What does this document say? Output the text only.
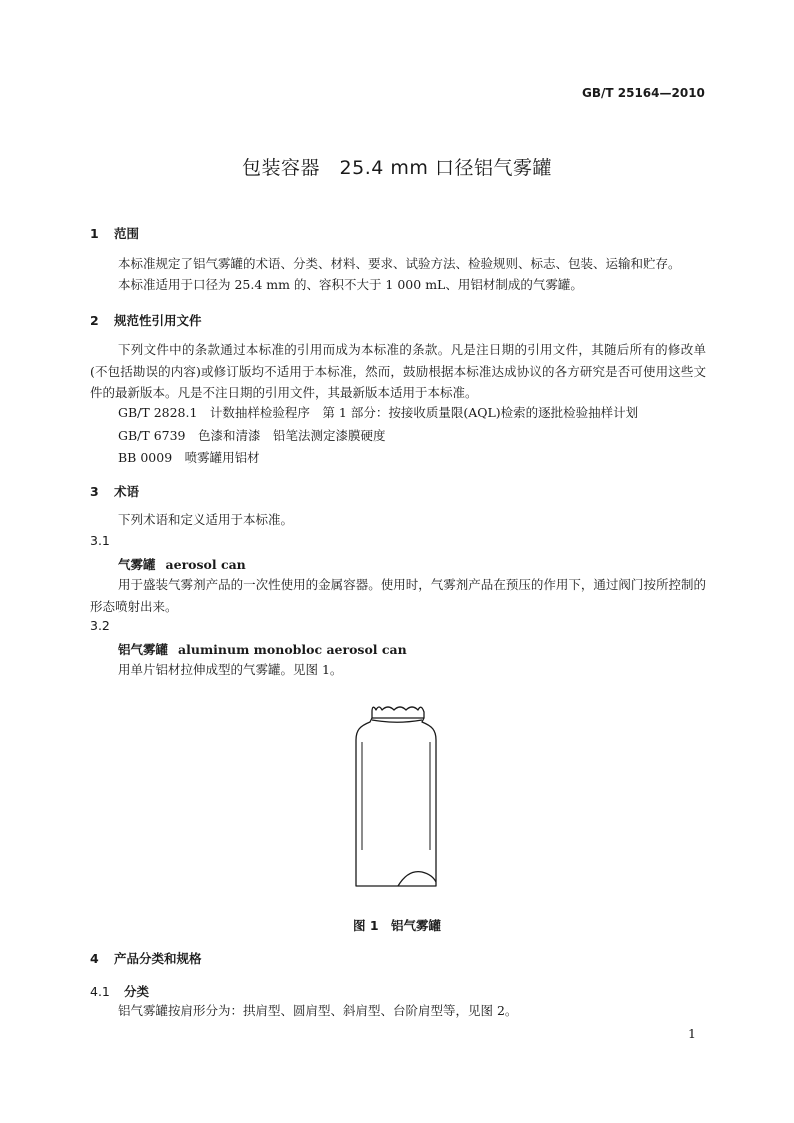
GB/T 25164—2010
包装容器　25.4 mm 口径铝气雾罐
1 范围
本标准规定了铝气雾罐的术语、分类、材料、要求、试验方法、检验规则、标志、包装、运输和贮存。
本标准适用于口径为 25.4 mm 的、容积不大于 1 000 mL、用铝材制成的气雾罐。
2 规范性引用文件
下列文件中的条款通过本标准的引用而成为本标准的条款。凡是注日期的引用文件，其随后所有的修改单(不包括勘误的内容)或修订版均不适用于本标准，然而，鼓励根据本标准达成协议的各方研究是否可使用这些文件的最新版本。凡是不注日期的引用文件，其最新版本适用于本标准。
GB/T 2828.1　计数抽样检验程序　第 1 部分：按接收质量限(AQL)检索的逐批检验抽样计划
GB/T 6739　色漆和清漆　铅笔法测定漆膜硬度
BB 0009　喷雾罐用铝材
3 术语
下列术语和定义适用于本标准。
3.1
气雾罐 aerosol can
用于盛装气雾剂产品的一次性使用的金属容器。使用时，气雾剂产品在预压的作用下，通过阀门按所控制的形态喷射出来。
3.2
铝气雾罐 aluminum monobloc aerosol can
用单片铝材拉伸成型的气雾罐。见图 1。
图 1　铝气雾罐
4 产品分类和规格
4.1 分类
铝气雾罐按肩形分为：拱肩型、圆肩型、斜肩型、台阶肩型等，见图 2。
1
